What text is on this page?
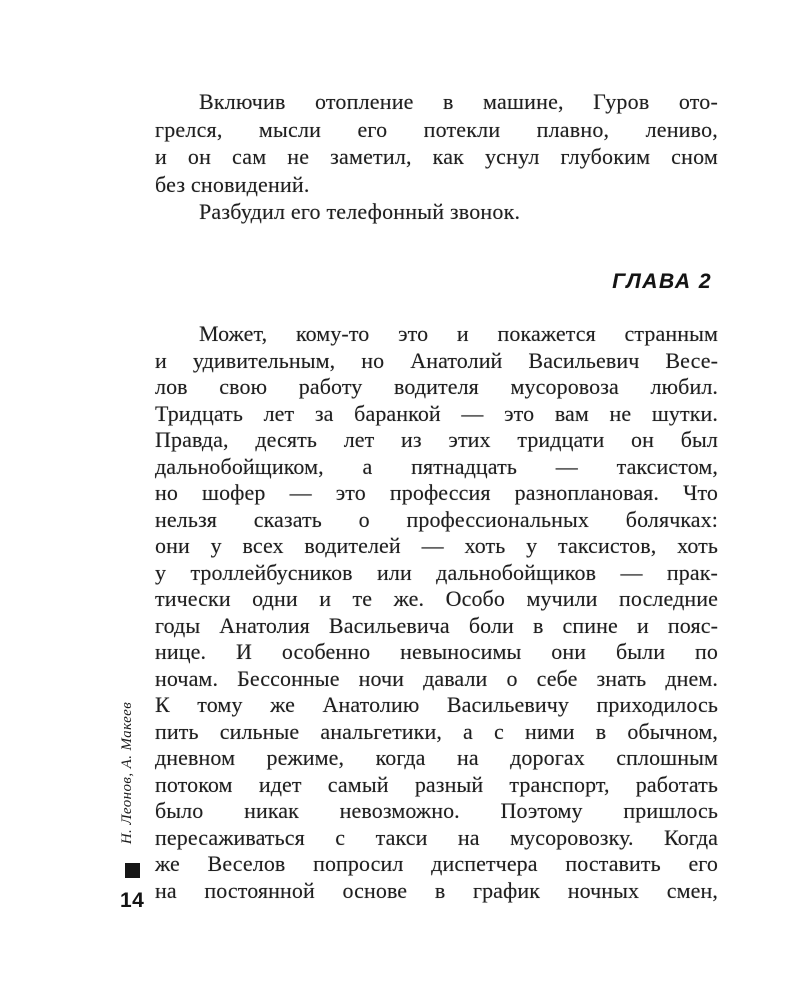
Включив отопление в машине, Гуров ото-
грелся, мысли его потекли плавно, лениво,
и он сам не заметил, как уснул глубоким сном
без сновидений.
Разбудил его телефонный звонок.
ГЛАВА 2
Может, кому-то это и покажется странным
и удивительным, но Анатолий Васильевич Весе-
лов свою работу водителя мусоровоза любил.
Тридцать лет за баранкой — это вам не шутки.
Правда, десять лет из этих тридцати он был
дальнобойщиком, а пятнадцать — таксистом,
но шофер — это профессия разноплановая. Что
нельзя сказать о профессиональных болячках:
они у всех водителей — хоть у таксистов, хоть
у троллейбусников или дальнобойщиков — прак-
тически одни и те же. Особо мучили последние
годы Анатолия Васильевича боли в спине и пояс-
нице. И особенно невыносимы они были по
ночам. Бессонные ночи давали о себе знать днем.
К тому же Анатолию Васильевичу приходилось
пить сильные анальгетики, а с ними в обычном,
дневном режиме, когда на дорогах сплошным
потоком идет самый разный транспорт, работать
было никак невозможно. Поэтому пришлось
пересаживаться с такси на мусоровозку. Когда
же Веселов попросил диспетчера поставить его
на постоянной основе в график ночных смен,
Н. Леонов, А. Макеев
14
